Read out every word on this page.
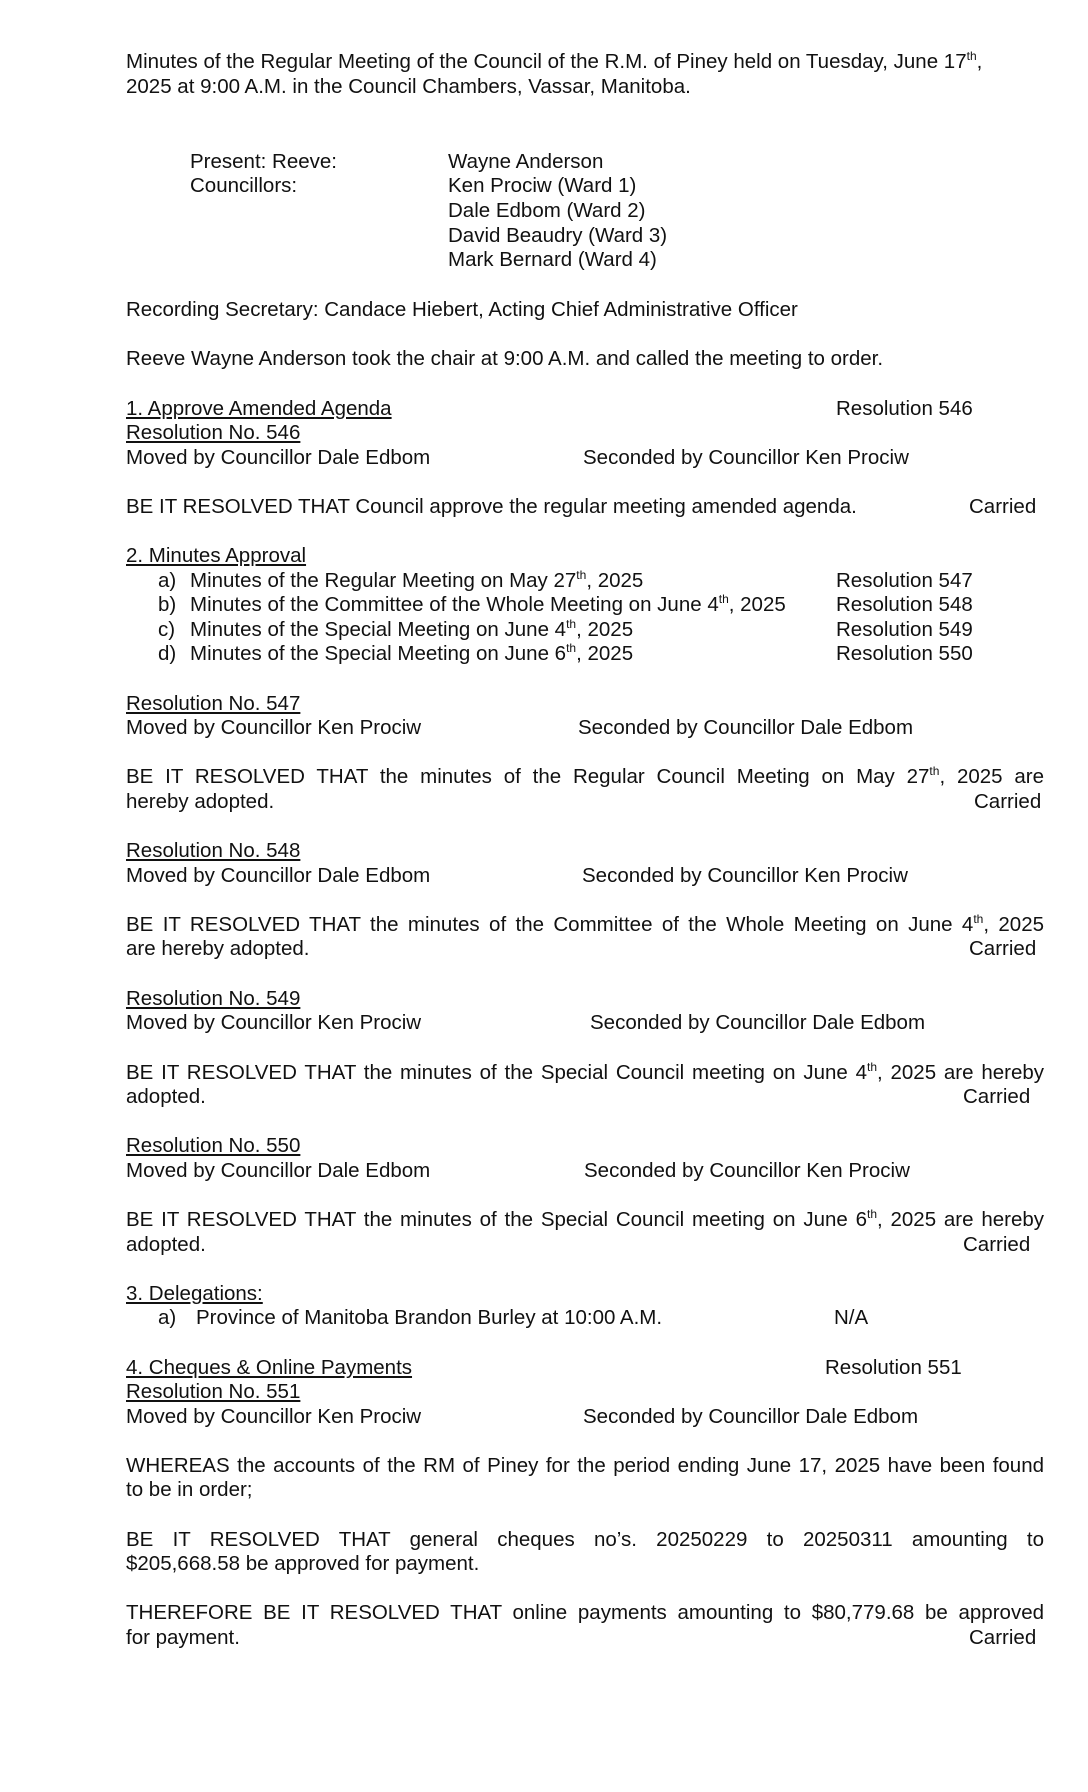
Minutes of the Regular Meeting of the Council of the R.M. of Piney held on Tuesday, June 17th,
2025 at 9:00 A.M. in the Council Chambers, Vassar, Manitoba.
Present: Reeve:	Wayne Anderson
Councillors:	Ken Prociw (Ward 1)
Dale Edbom (Ward 2)
David Beaudry (Ward 3)
Mark Bernard (Ward 4)
Recording Secretary: Candace Hiebert, Acting Chief Administrative Officer
Reeve Wayne Anderson took the chair at 9:00 A.M. and called the meeting to order.
1. Approve Amended Agenda	Resolution 546
Resolution No. 546
Moved by Councillor Dale Edbom	Seconded by Councillor Ken Prociw
BE IT RESOLVED THAT Council approve the regular meeting amended agenda.	Carried
2. Minutes Approval
a) Minutes of the Regular Meeting on May 27th, 2025	Resolution 547
b) Minutes of the Committee of the Whole Meeting on June 4th, 2025 Resolution 548
c) Minutes of the Special Meeting on June 4th, 2025	Resolution 549
d) Minutes of the Special Meeting on June 6th, 2025	Resolution 550
Resolution No. 547
Moved by Councillor Ken Prociw	Seconded by Councillor Dale Edbom
BE IT RESOLVED THAT the minutes of the Regular Council Meeting on May 27th, 2025 are
hereby adopted.	Carried
Resolution No. 548
Moved by Councillor Dale Edbom	Seconded by Councillor Ken Prociw
BE IT RESOLVED THAT the minutes of the Committee of the Whole Meeting on June 4th, 2025
are hereby adopted.	Carried
Resolution No. 549
Moved by Councillor Ken Prociw	Seconded by Councillor Dale Edbom
BE IT RESOLVED THAT the minutes of the Special Council meeting on June 4th, 2025 are hereby
adopted.	Carried
Resolution No. 550
Moved by Councillor Dale Edbom	Seconded by Councillor Ken Prociw
BE IT RESOLVED THAT the minutes of the Special Council meeting on June 6th, 2025 are hereby
adopted.	Carried
3. Delegations:
a) Province of Manitoba Brandon Burley at 10:00 A.M.	N/A
4. Cheques & Online Payments	Resolution 551
Resolution No. 551
Moved by Councillor Ken Prociw	Seconded by Councillor Dale Edbom
WHEREAS the accounts of the RM of Piney for the period ending June 17, 2025 have been found
to be in order;
BE IT RESOLVED THAT general cheques no’s. 20250229 to 20250311 amounting to
$205,668.58 be approved for payment.
THEREFORE BE IT RESOLVED THAT online payments amounting to $80,779.68 be approved
for payment.	Carried
